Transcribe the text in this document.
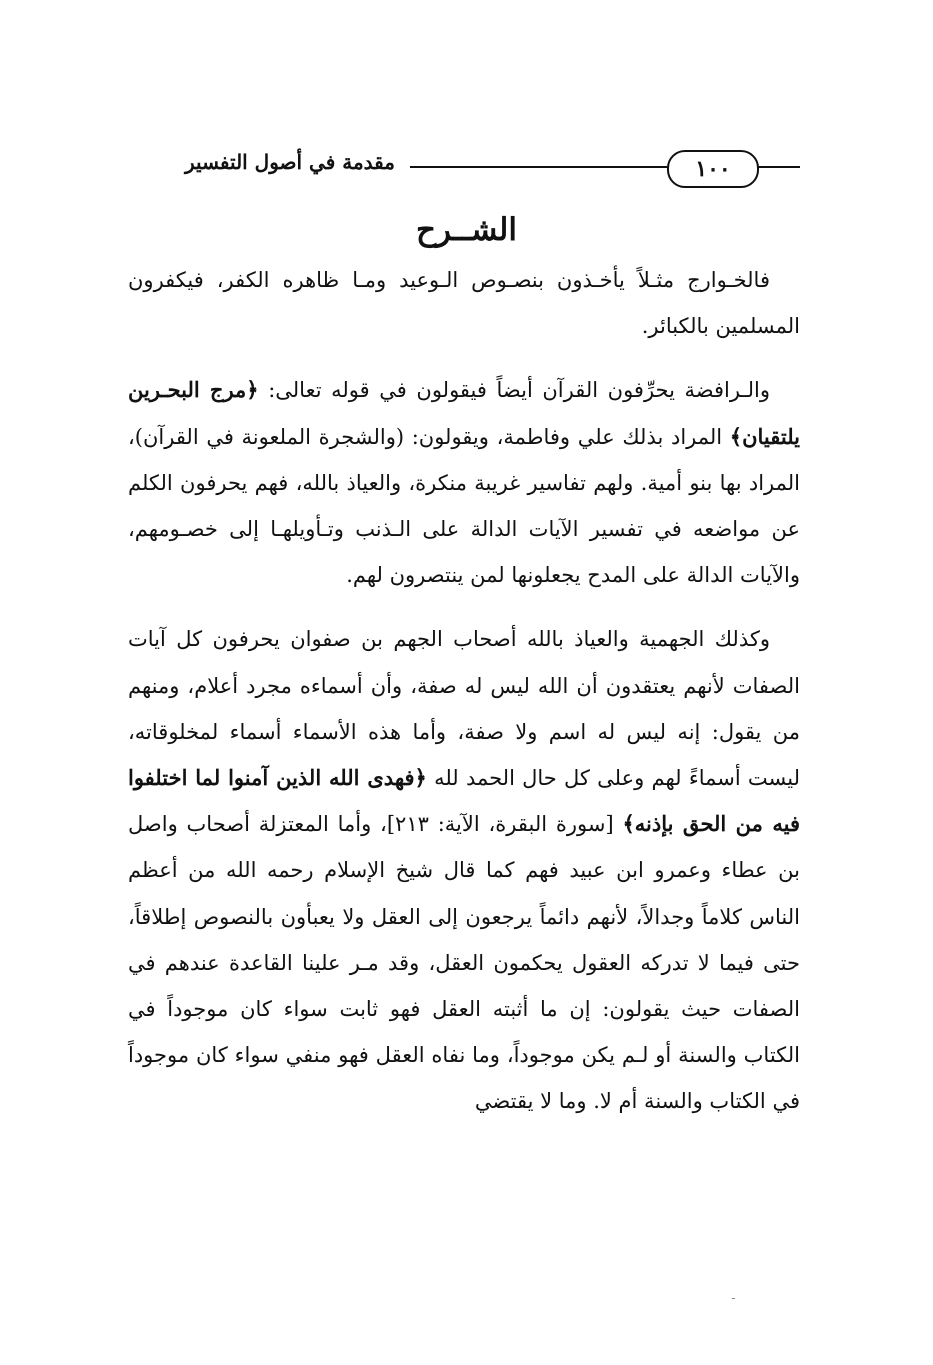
١٠٠
مقدمة في أصول التفسير
الشــرح

فالخـوارج مثـلاً يأخـذون بنصـوص الـوعيد ومـا ظاهره الكفر، فيكفرون المسلمين بالكبائر.

والـرافضة يحرِّفون القرآن أيضاً فيقولون في قوله تعالى: ﴿مرج البحـرين يلتقيان﴾ المراد بذلك علي وفاطمة، ويقولون: (والشجرة الملعونة في القرآن)، المراد بها بنو أمية. ولهم تفاسير غريبة منكرة، والعياذ بالله، فهم يحرفون الكلم عن مواضعه في تفسير الآيات الدالة على الـذنب وتـأويلهـا إلى خصـومهم، والآيات الدالة على المدح يجعلونها لمن ينتصرون لهم.

وكذلك الجهمية والعياذ بالله أصحاب الجهم بن صفوان يحرفون كل آيات الصفات لأنهم يعتقدون أن الله ليس له صفة، وأن أسماءه مجرد أعلام، ومنهم من يقول: إنه ليس له اسم ولا صفة، وأما هذه الأسماء أسماء لمخلوقاته، ليست أسماءً لهم وعلى كل حال الحمد لله ﴿فهدى الله الذين آمنوا لما اختلفوا فيه من الحق بإذنه﴾ [سورة البقرة، الآية: ٢١٣]، وأما المعتزلة أصحاب واصل بن عطاء وعمرو ابن عبيد فهم كما قال شيخ الإسلام رحمه الله من أعظم الناس كلاماً وجدالاً، لأنهم دائماً يرجعون إلى العقل ولا يعبأون بالنصوص إطلاقاً، حتى فيما لا تدركه العقول يحكمون العقل، وقد مـر علينا القاعدة عندهم في الصفات حيث يقولون: إن ما أثبته العقل فهو ثابت سواء كان موجوداً في الكتاب والسنة أو لـم يكن موجوداً، وما نفاه العقل فهو منفي سواء كان موجوداً في الكتاب والسنة أم لا. وما لا يقتضي
